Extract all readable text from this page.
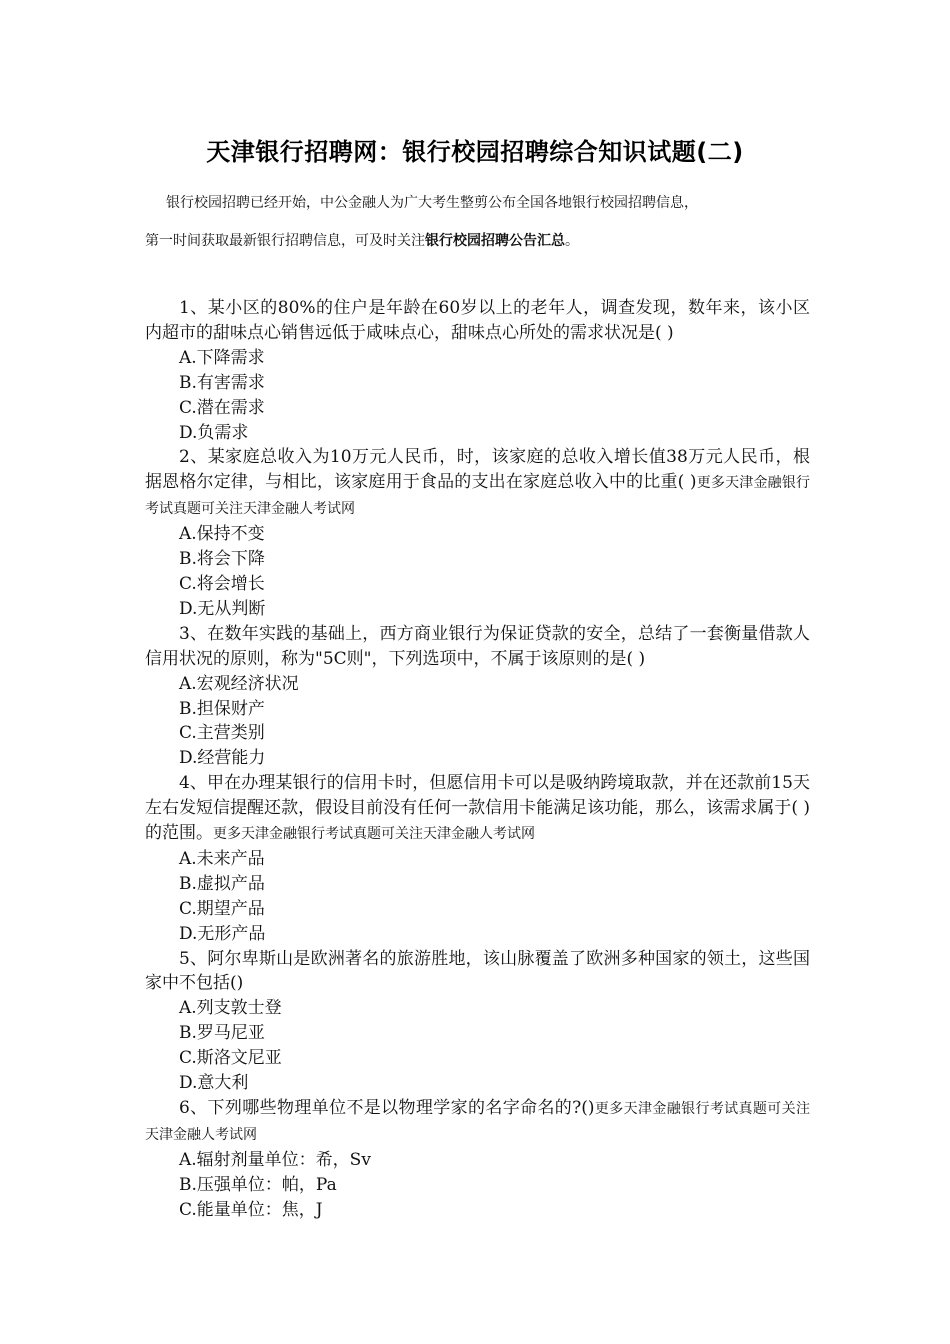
天津银行招聘网：银行校园招聘综合知识试题(二)
银行校园招聘已经开始，中公金融人为广大考生整剪公布全国各地银行校园招聘信息，
第一时间获取最新银行招聘信息，可及时关注银行校园招聘公告汇总。

1、某小区的80%的住户是年龄在60岁以上的老年人，调查发现，数年来，该小区内超市的甜味点心销售远低于咸味点心，甜味点心所处的需求状况是( )

A.下降需求

B.有害需求

C.潜在需求

D.负需求

2、某家庭总收入为10万元人民币，时，该家庭的总收入增长值38万元人民币，根据恩格尔定律，与相比，该家庭用于食品的支出在家庭总收入中的比重( )更多天津金融银行考试真题可关注天津金融人考试网

A.保持不变

B.将会下降

C.将会增长

D.无从判断

3、在数年实践的基础上，西方商业银行为保证贷款的安全，总结了一套衡量借款人信用状况的原则，称为"5C则"，下列选项中，不属于该原则的是( )

A.宏观经济状况

B.担保财产

C.主营类别

D.经营能力

4、甲在办理某银行的信用卡时，但愿信用卡可以是吸纳跨境取款，并在还款前15天左右发短信提醒还款，假设目前没有任何一款信用卡能满足该功能，那么，该需求属于( )的范围。更多天津金融银行考试真题可关注天津金融人考试网

A.未来产品

B.虚拟产品

C.期望产品

D.无形产品

5、阿尔卑斯山是欧洲著名的旅游胜地，该山脉覆盖了欧洲多种国家的领土，这些国家中不包括()

A.列支敦士登

B.罗马尼亚

C.斯洛文尼亚

D.意大利

6、下列哪些物理单位不是以物理学家的名字命名的?()更多天津金融银行考试真题可关注天津金融人考试网

A.辐射剂量单位：希，Sv

B.压强单位：帕，Pa

C.能量单位：焦，J
